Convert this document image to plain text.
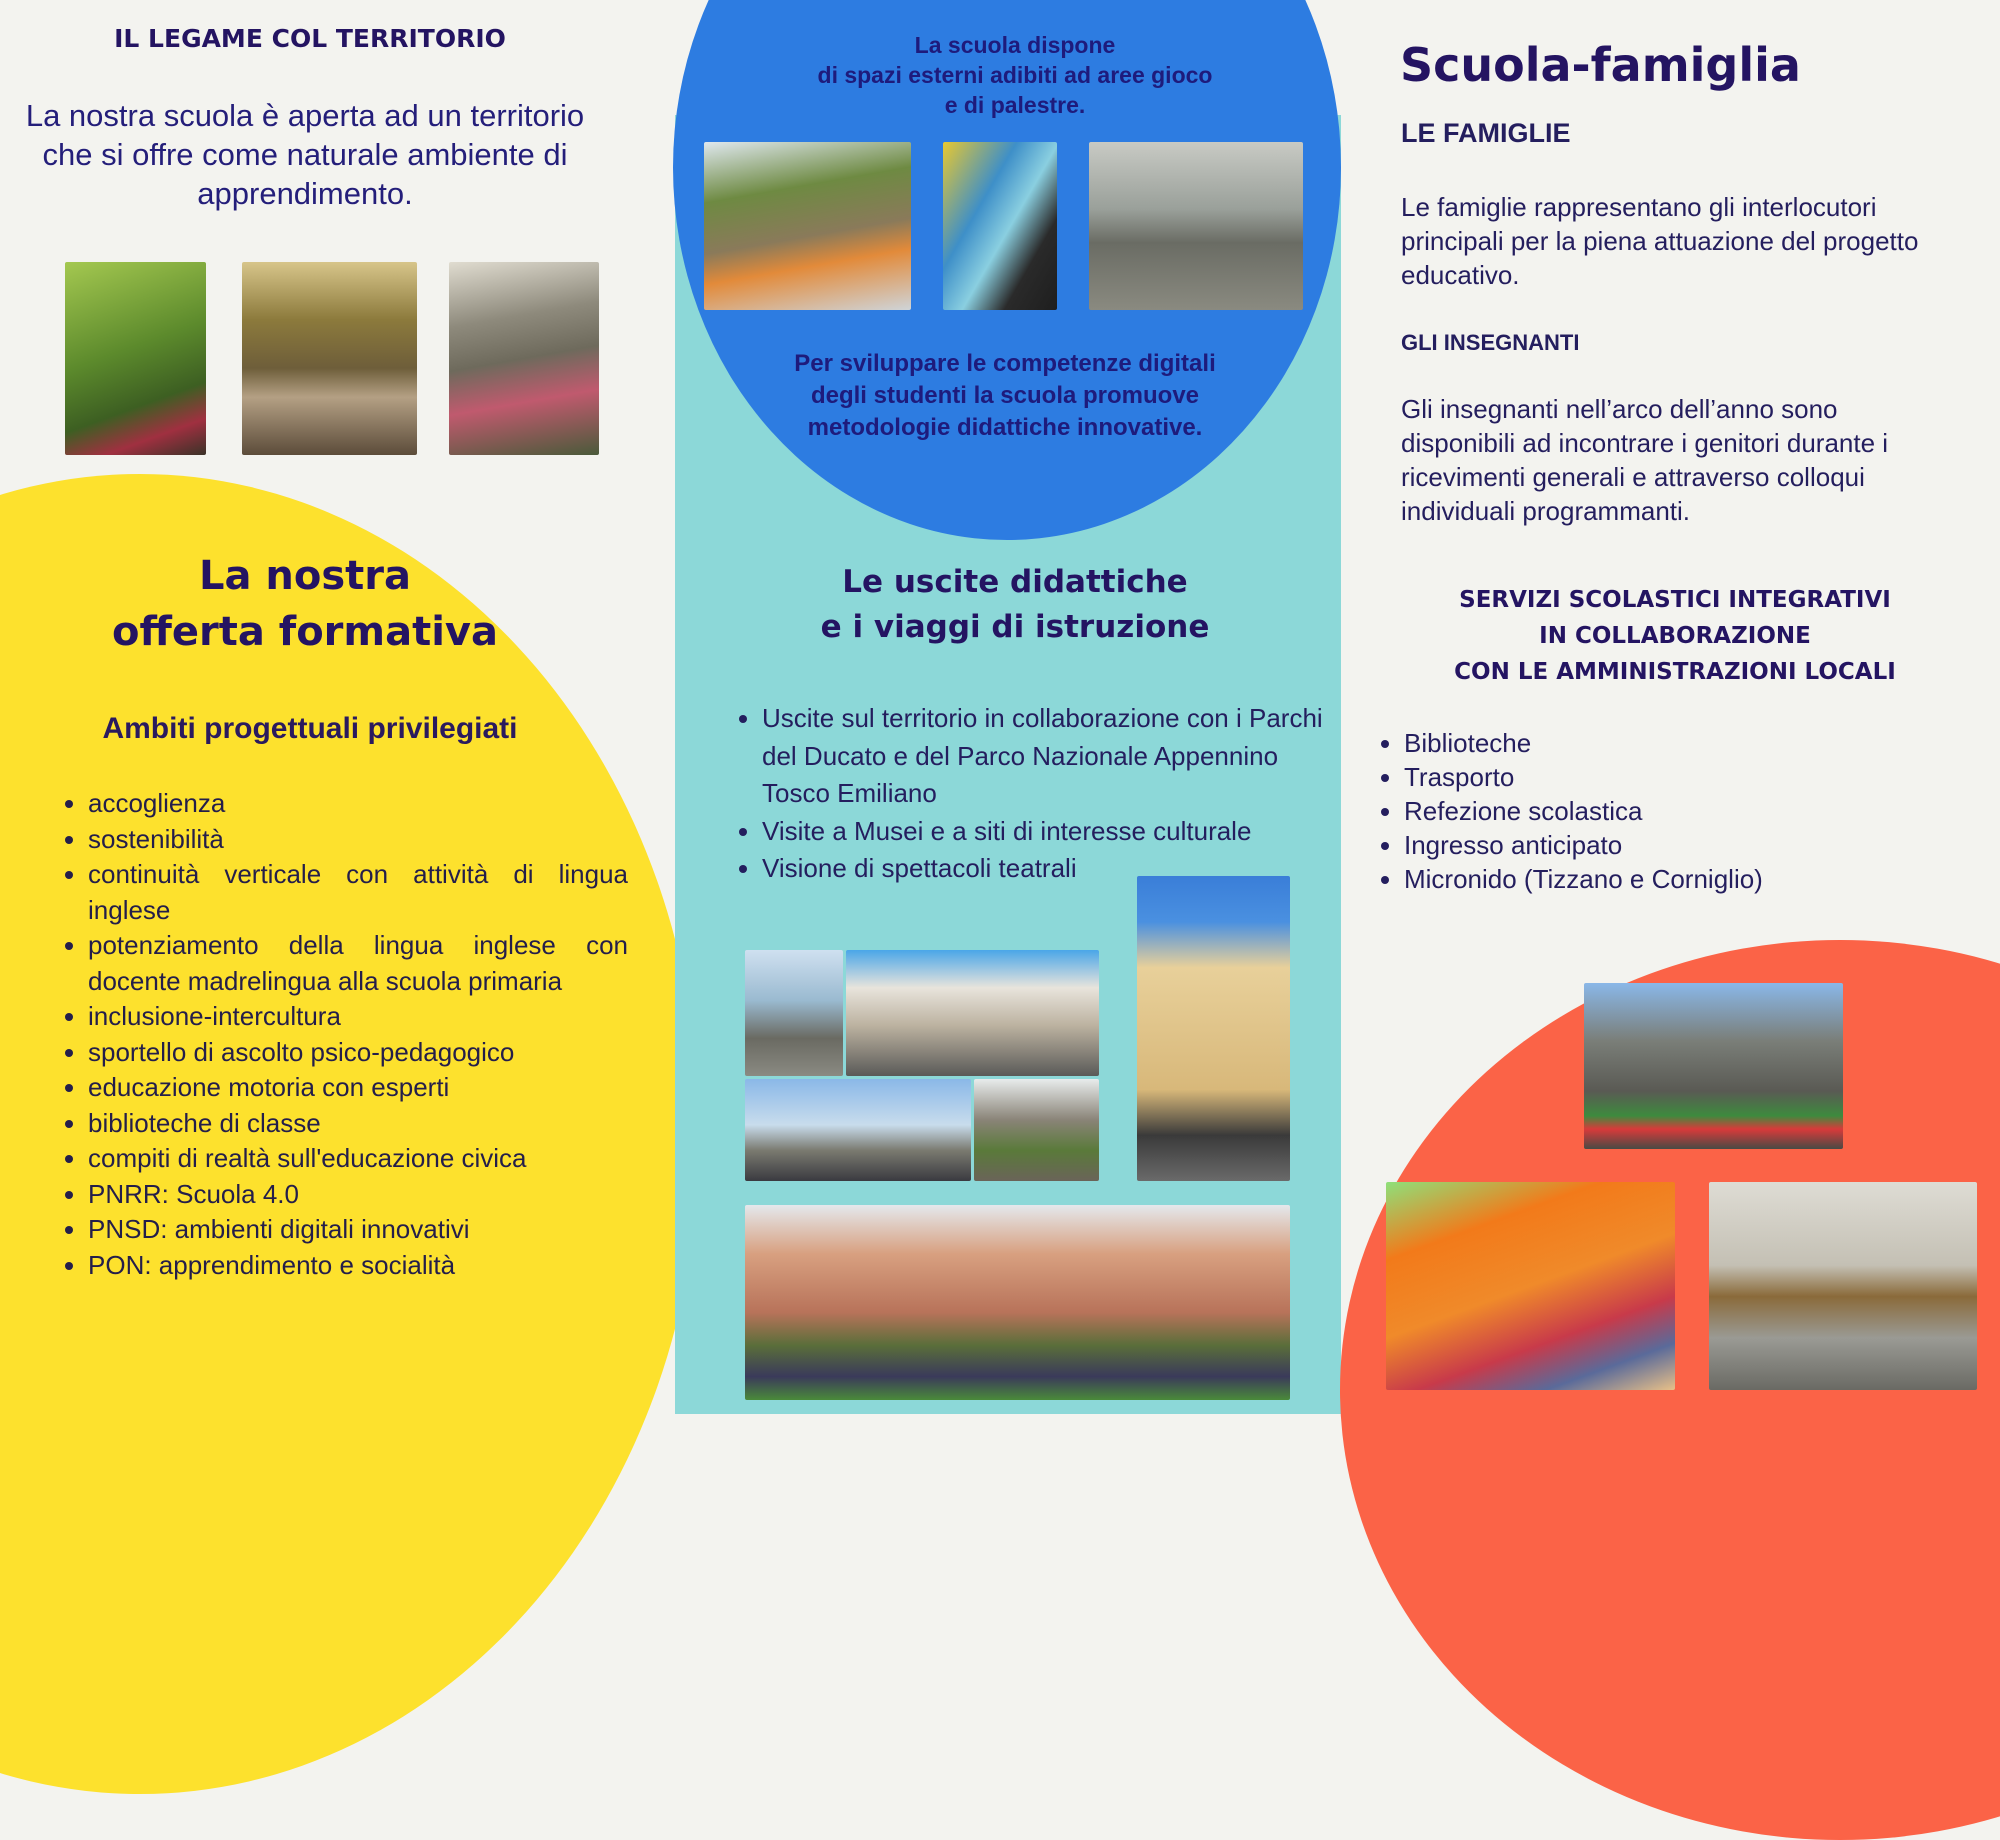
IL LEGAME COL TERRITORIO
La nostra scuola è aperta ad un territorio che si offre come naturale ambiente di apprendimento.
La nostra
offerta formativa
Ambiti progettuali privilegiati
• accoglienza
• sostenibilità
• continuità verticale con attività di lingua inglese
• potenziamento della lingua inglese con docente madrelingua alla scuola primaria
• inclusione-intercultura
• sportello di ascolto psico-pedagogico
• educazione motoria con esperti
• biblioteche di classe
• compiti di realtà sull'educazione civica
• PNRR: Scuola 4.0
• PNSD: ambienti digitali innovativi
• PON: apprendimento e socialità
La scuola dispone
di spazi esterni adibiti ad aree gioco
e di palestre.
Per sviluppare le competenze digitali
degli studenti la scuola promuove
metodologie didattiche innovative.
Le uscite didattiche
e i viaggi di istruzione
• Uscite sul territorio in collaborazione con i Parchi del Ducato e del Parco Nazionale Appennino Tosco Emiliano
• Visite a Musei e a siti di interesse culturale
• Visione di spettacoli teatrali
Scuola-famiglia
LE FAMIGLIE
Le famiglie rappresentano gli interlocutori principali per la piena attuazione del progetto educativo.
GLI INSEGNANTI
Gli insegnanti nell’arco dell’anno sono disponibili ad incontrare i genitori durante i ricevimenti generali e attraverso colloqui individuali programmanti.
SERVIZI SCOLASTICI INTEGRATIVI
IN COLLABORAZIONE
CON LE AMMINISTRAZIONI LOCALI
• Biblioteche
• Trasporto
• Refezione scolastica
• Ingresso anticipato
• Micronido (Tizzano e Corniglio)
